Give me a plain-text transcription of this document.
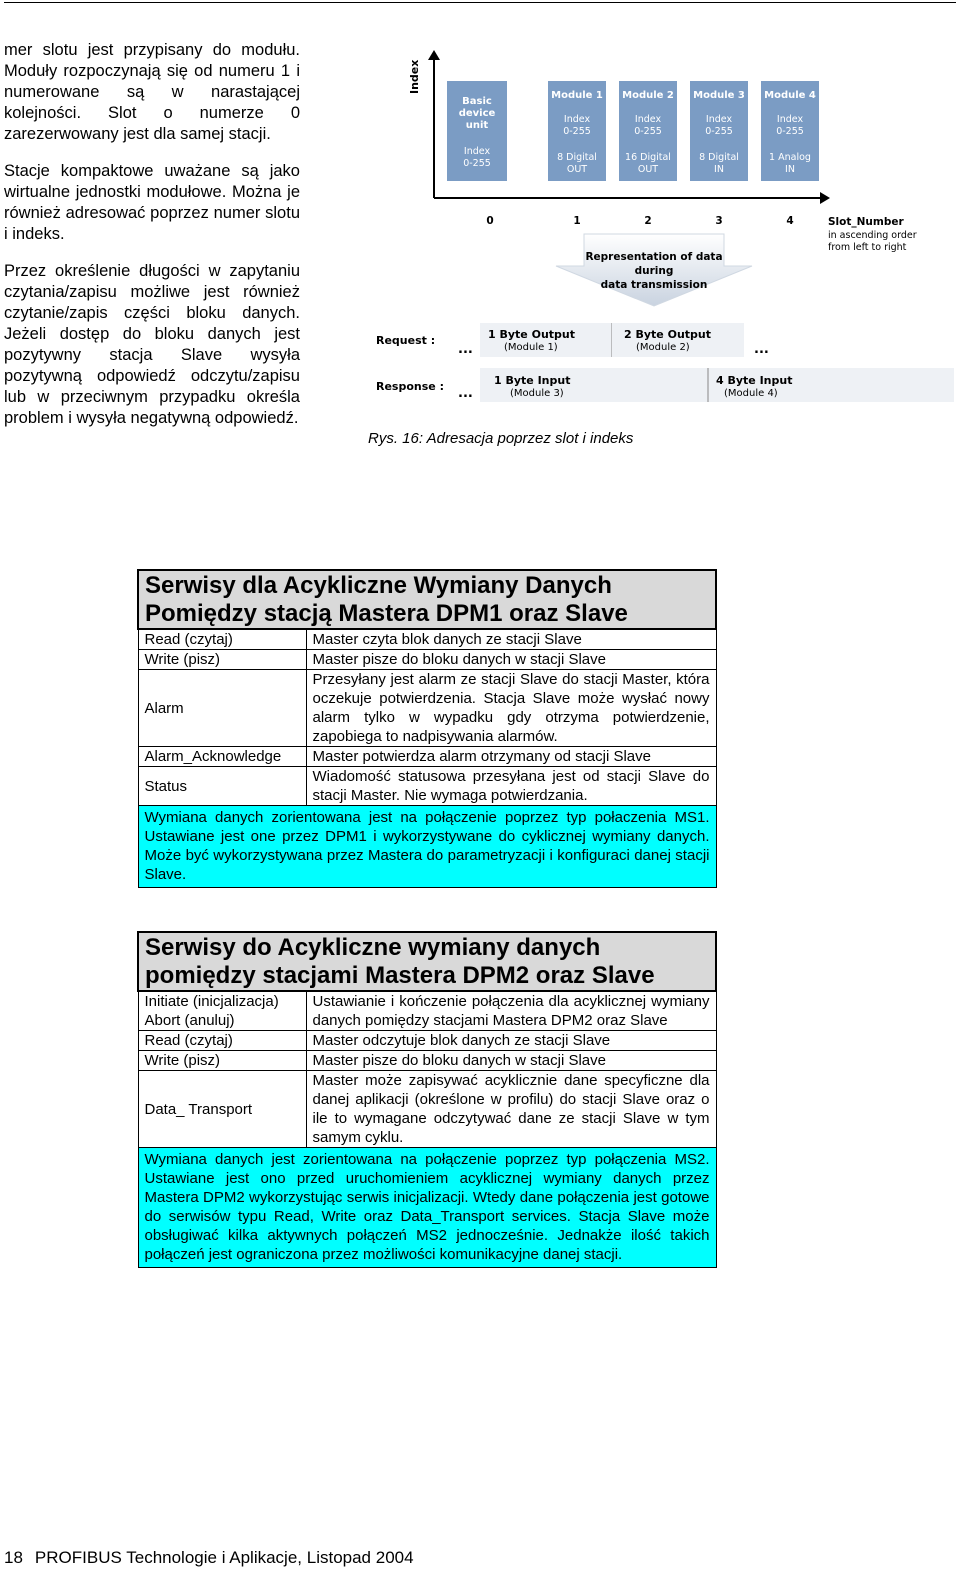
mer slotu jest przypisany do modułu. Moduły rozpoczynają się od numeru 1 i numerowane są w narastającej kolejności. Slot o numerze 0 zarezerwowany jest dla samej stacji.

Stacje kompaktowe uważane są jako wirtualne jednostki modułowe. Można je również adresować poprzez numer slotu i indeks.

Przez określenie długości w zapytaniu czytania/zapisu możliwe jest również czytanie/zapis części bloku danych. Jeżeli dostęp do bloku danych jest pozytywny stacja Slave wysyła pozytywną odpowiedź odczytu/zapisu lub w przeciwnym przypadku określa problem i wysyła negatywną odpowiedź.

Index
Basic
device
unit
Index
0-255
Module 1
Index
0-255
8 Digital
OUT
Module 2
Index
0-255
16 Digital
OUT
Module 3
Index
0-255
8 Digital
IN
Module 4
Index
0-255
1 Analog
IN
0	1	2	3	4	Slot_Number
in ascending order
from left to right
Representation of data
during
data transmission
Request :
...
1 Byte Output
(Module 1)
2 Byte Output
(Module 2)	...
Response : ...
1 Byte Input
(Module 3)
4 Byte Input
(Module 4)
Rys. 16: Adresacja poprzez slot i indeks
Serwisy dla Acykliczne Wymiany Danych Pomiędzy stacją Mastera DPM1 oraz Slave	
Read (czytaj)	Master czyta blok danych ze stacji Slave
Write (pisz)	Master pisze do bloku danych w stacji Slave
Alarm	Przesyłany jest alarm ze stacji Slave do stacji Master, która oczekuje potwierdzenia. Stacja Slave może wysłać nowy alarm tylko w wypadku gdy otrzyma potwierdzenie, zapobiega to nadpisywania alarmów.
Alarm_Acknowledge	Master potwierdza alarm otrzymany od stacji Slave
Status	Wiadomość statusowa przesyłana jest od stacji Slave do stacji Master. Nie wymaga potwierdzania.
Wymiana danych zorientowana jest na połączenie poprzez typ połaczenia MS1. Ustawiane jest one przez DPM1 i wykorzystywane do cyklicznej wymiany danych. Może być wykorzystywana przez Mastera do parametryzacji i konfiguraci danej stacji Slave.	
Serwisy do Acykliczne wymiany danych pomiędzy stacjami Mastera DPM2 oraz Slave	
Initiate (inicjalizacja) Abort (anuluj)	Ustawianie i kończenie połączenia dla acyklicznej wymiany danych pomiędzy stacjami Mastera DPM2 oraz Slave
Read (czytaj)	Master odczytuje blok danych ze stacji Slave
Write (pisz)	Master pisze do bloku danych w stacji Slave
Data_ Transport	Master może zapisywać acyklicznie dane specyficzne dla danej aplikacji (określone w profilu) do stacji Slave oraz o ile to wymagane odczytywać dane ze stacji Slave w tym samym cyklu.
Wymiana danych jest zorientowana na połączenie poprzez typ połączenia MS2. Ustawiane jest ono przed uruchomieniem acyklicznej wymiany danych przez Mastera DPM2 wykorzystując serwis inicjalizacji. Wtedy dane połączenia jest gotowe do serwisów typu Read, Write oraz Data_Transport services. Stacja Slave może obsługiwać kilka aktywnych połączeń MS2 jednocześnie. Jednakże ilość takich połączeń jest ograniczona przez możliwości komunikacyjne danej stacji.	
18 PROFIBUS Technologie i Aplikacje, Listopad 2004
